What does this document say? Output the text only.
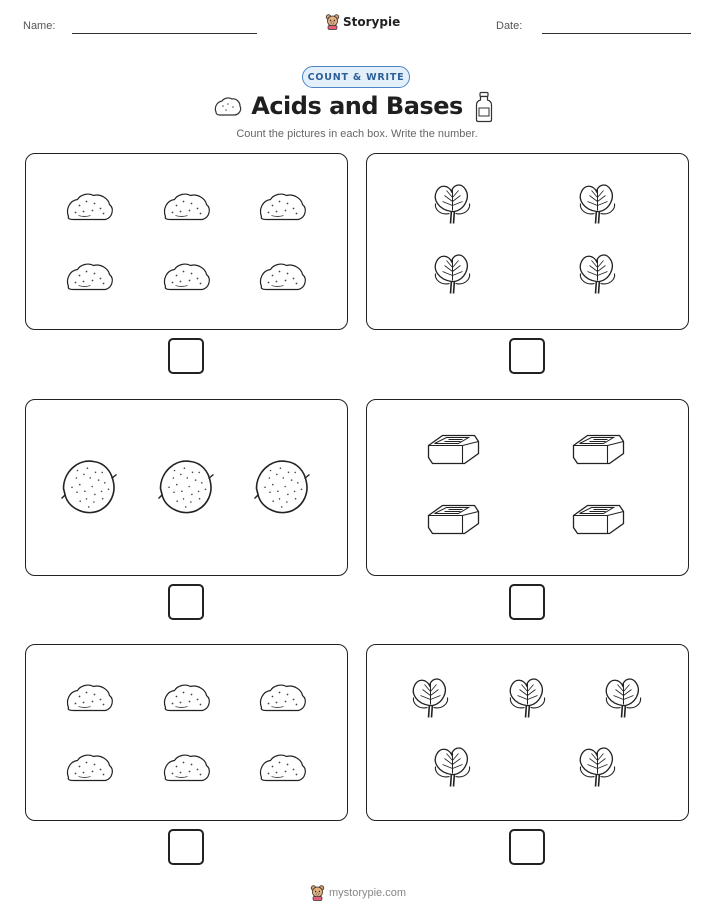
Name:	Date:
Storypie
COUNT & WRITE
Acids and Bases
Count the pictures in each box. Write the number.
mystorypie.com
